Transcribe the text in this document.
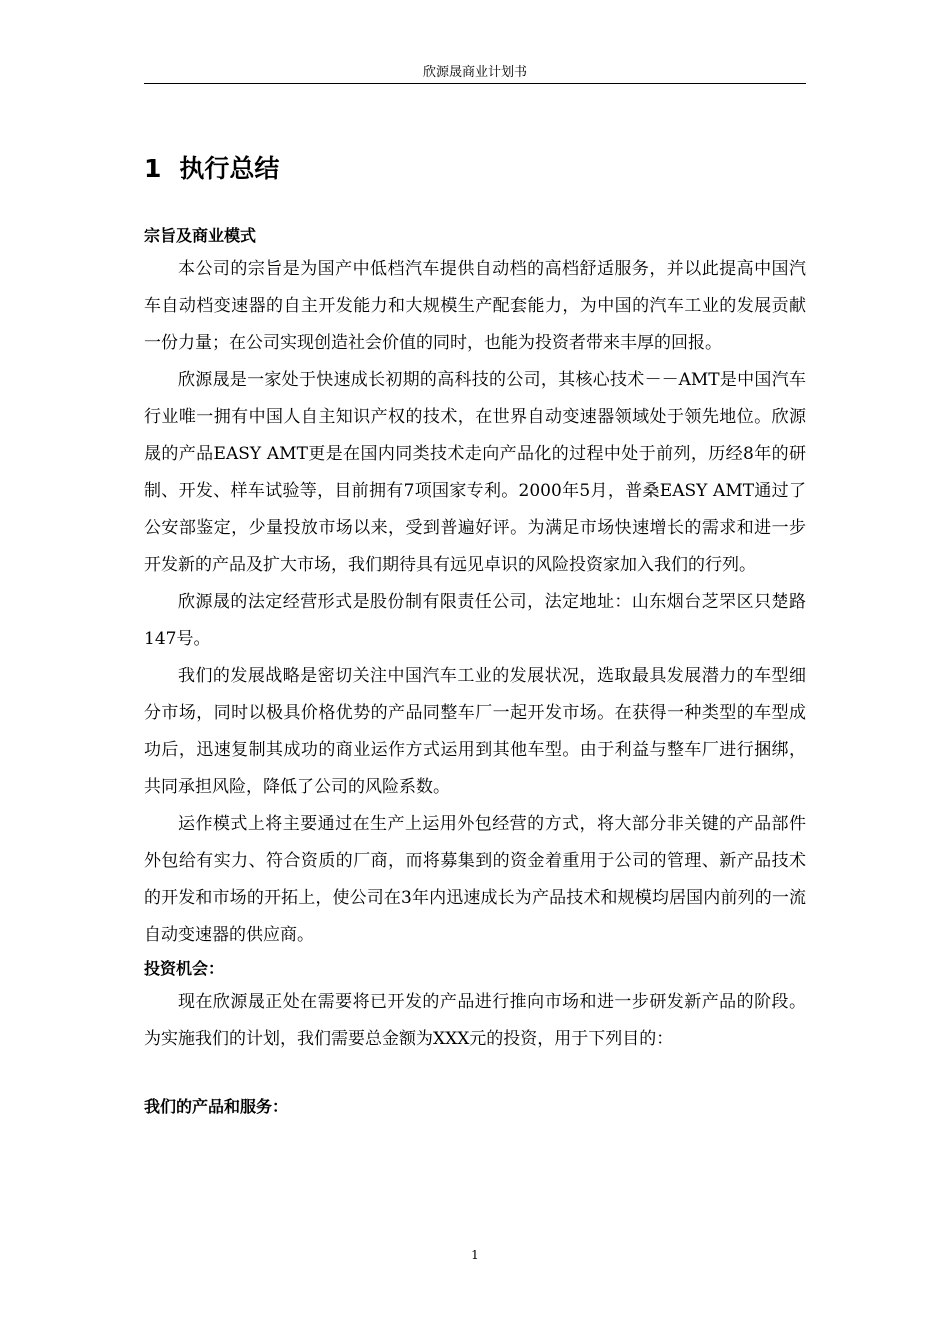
欣源晟商业计划书
1 执行总结

宗旨及商业模式

本公司的宗旨是为国产中低档汽车提供自动档的高档舒适服务，并以此提高中国汽车自动档变速器的自主开发能力和大规模生产配套能力，为中国的汽车工业的发展贡献一份力量；在公司实现创造社会价值的同时，也能为投资者带来丰厚的回报。

欣源晟是一家处于快速成长初期的高科技的公司，其核心技术－－AMT是中国汽车行业唯一拥有中国人自主知识产权的技术，在世界自动变速器领域处于领先地位。欣源晟的产品EASY AMT更是在国内同类技术走向产品化的过程中处于前列，历经8年的研制、开发、样车试验等，目前拥有7项国家专利。2000年5月，普桑EASY AMT通过了公安部鉴定，少量投放市场以来，受到普遍好评。为满足市场快速增长的需求和进一步开发新的产品及扩大市场，我们期待具有远见卓识的风险投资家加入我们的行列。

欣源晟的法定经营形式是股份制有限责任公司，法定地址：山东烟台芝罘区只楚路147号。

我们的发展战略是密切关注中国汽车工业的发展状况，选取最具发展潜力的车型细分市场，同时以极具价格优势的产品同整车厂一起开发市场。在获得一种类型的车型成功后，迅速复制其成功的商业运作方式运用到其他车型。由于利益与整车厂进行捆绑，共同承担风险，降低了公司的风险系数。

运作模式上将主要通过在生产上运用外包经营的方式，将大部分非关键的产品部件外包给有实力、符合资质的厂商，而将募集到的资金着重用于公司的管理、新产品技术的开发和市场的开拓上，使公司在3年内迅速成长为产品技术和规模均居国内前列的一流自动变速器的供应商。

投资机会：

现在欣源晟正处在需要将已开发的产品进行推向市场和进一步研发新产品的阶段。为实施我们的计划，我们需要总金额为XXX元的投资，用于下列目的：

我们的产品和服务：

1
